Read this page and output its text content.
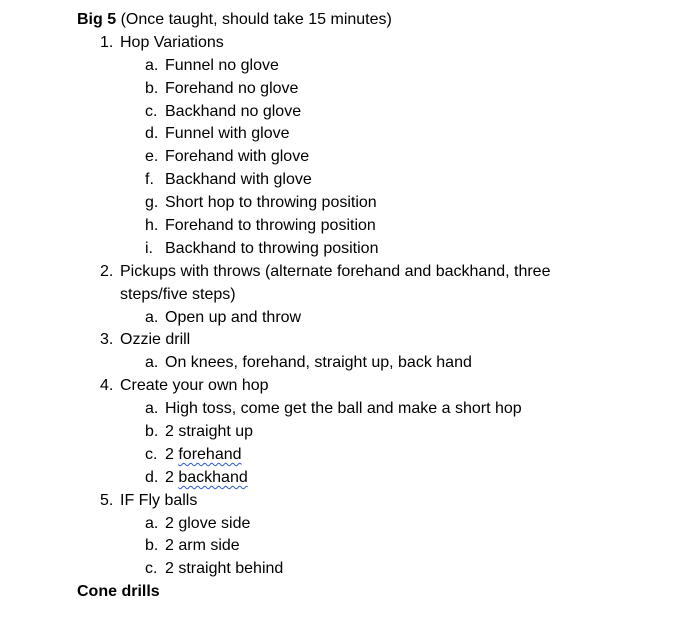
Big 5 (Once taught, should take 15 minutes)
1. Hop Variations
a. Funnel no glove
b. Forehand no glove
c. Backhand no glove
d. Funnel with glove
e. Forehand with glove
f. Backhand with glove
g. Short hop to throwing position
h. Forehand to throwing position
i. Backhand to throwing position
2. Pickups with throws (alternate forehand and backhand, three
steps/five steps)
a. Open up and throw
3. Ozzie drill
a. On knees, forehand, straight up, back hand
4. Create your own hop
a. High toss, come get the ball and make a short hop
b. 2 straight up
c. 2 forehand
d. 2 backhand
5. IF Fly balls
a. 2 glove side
b. 2 arm side
c. 2 straight behind
Cone drills
